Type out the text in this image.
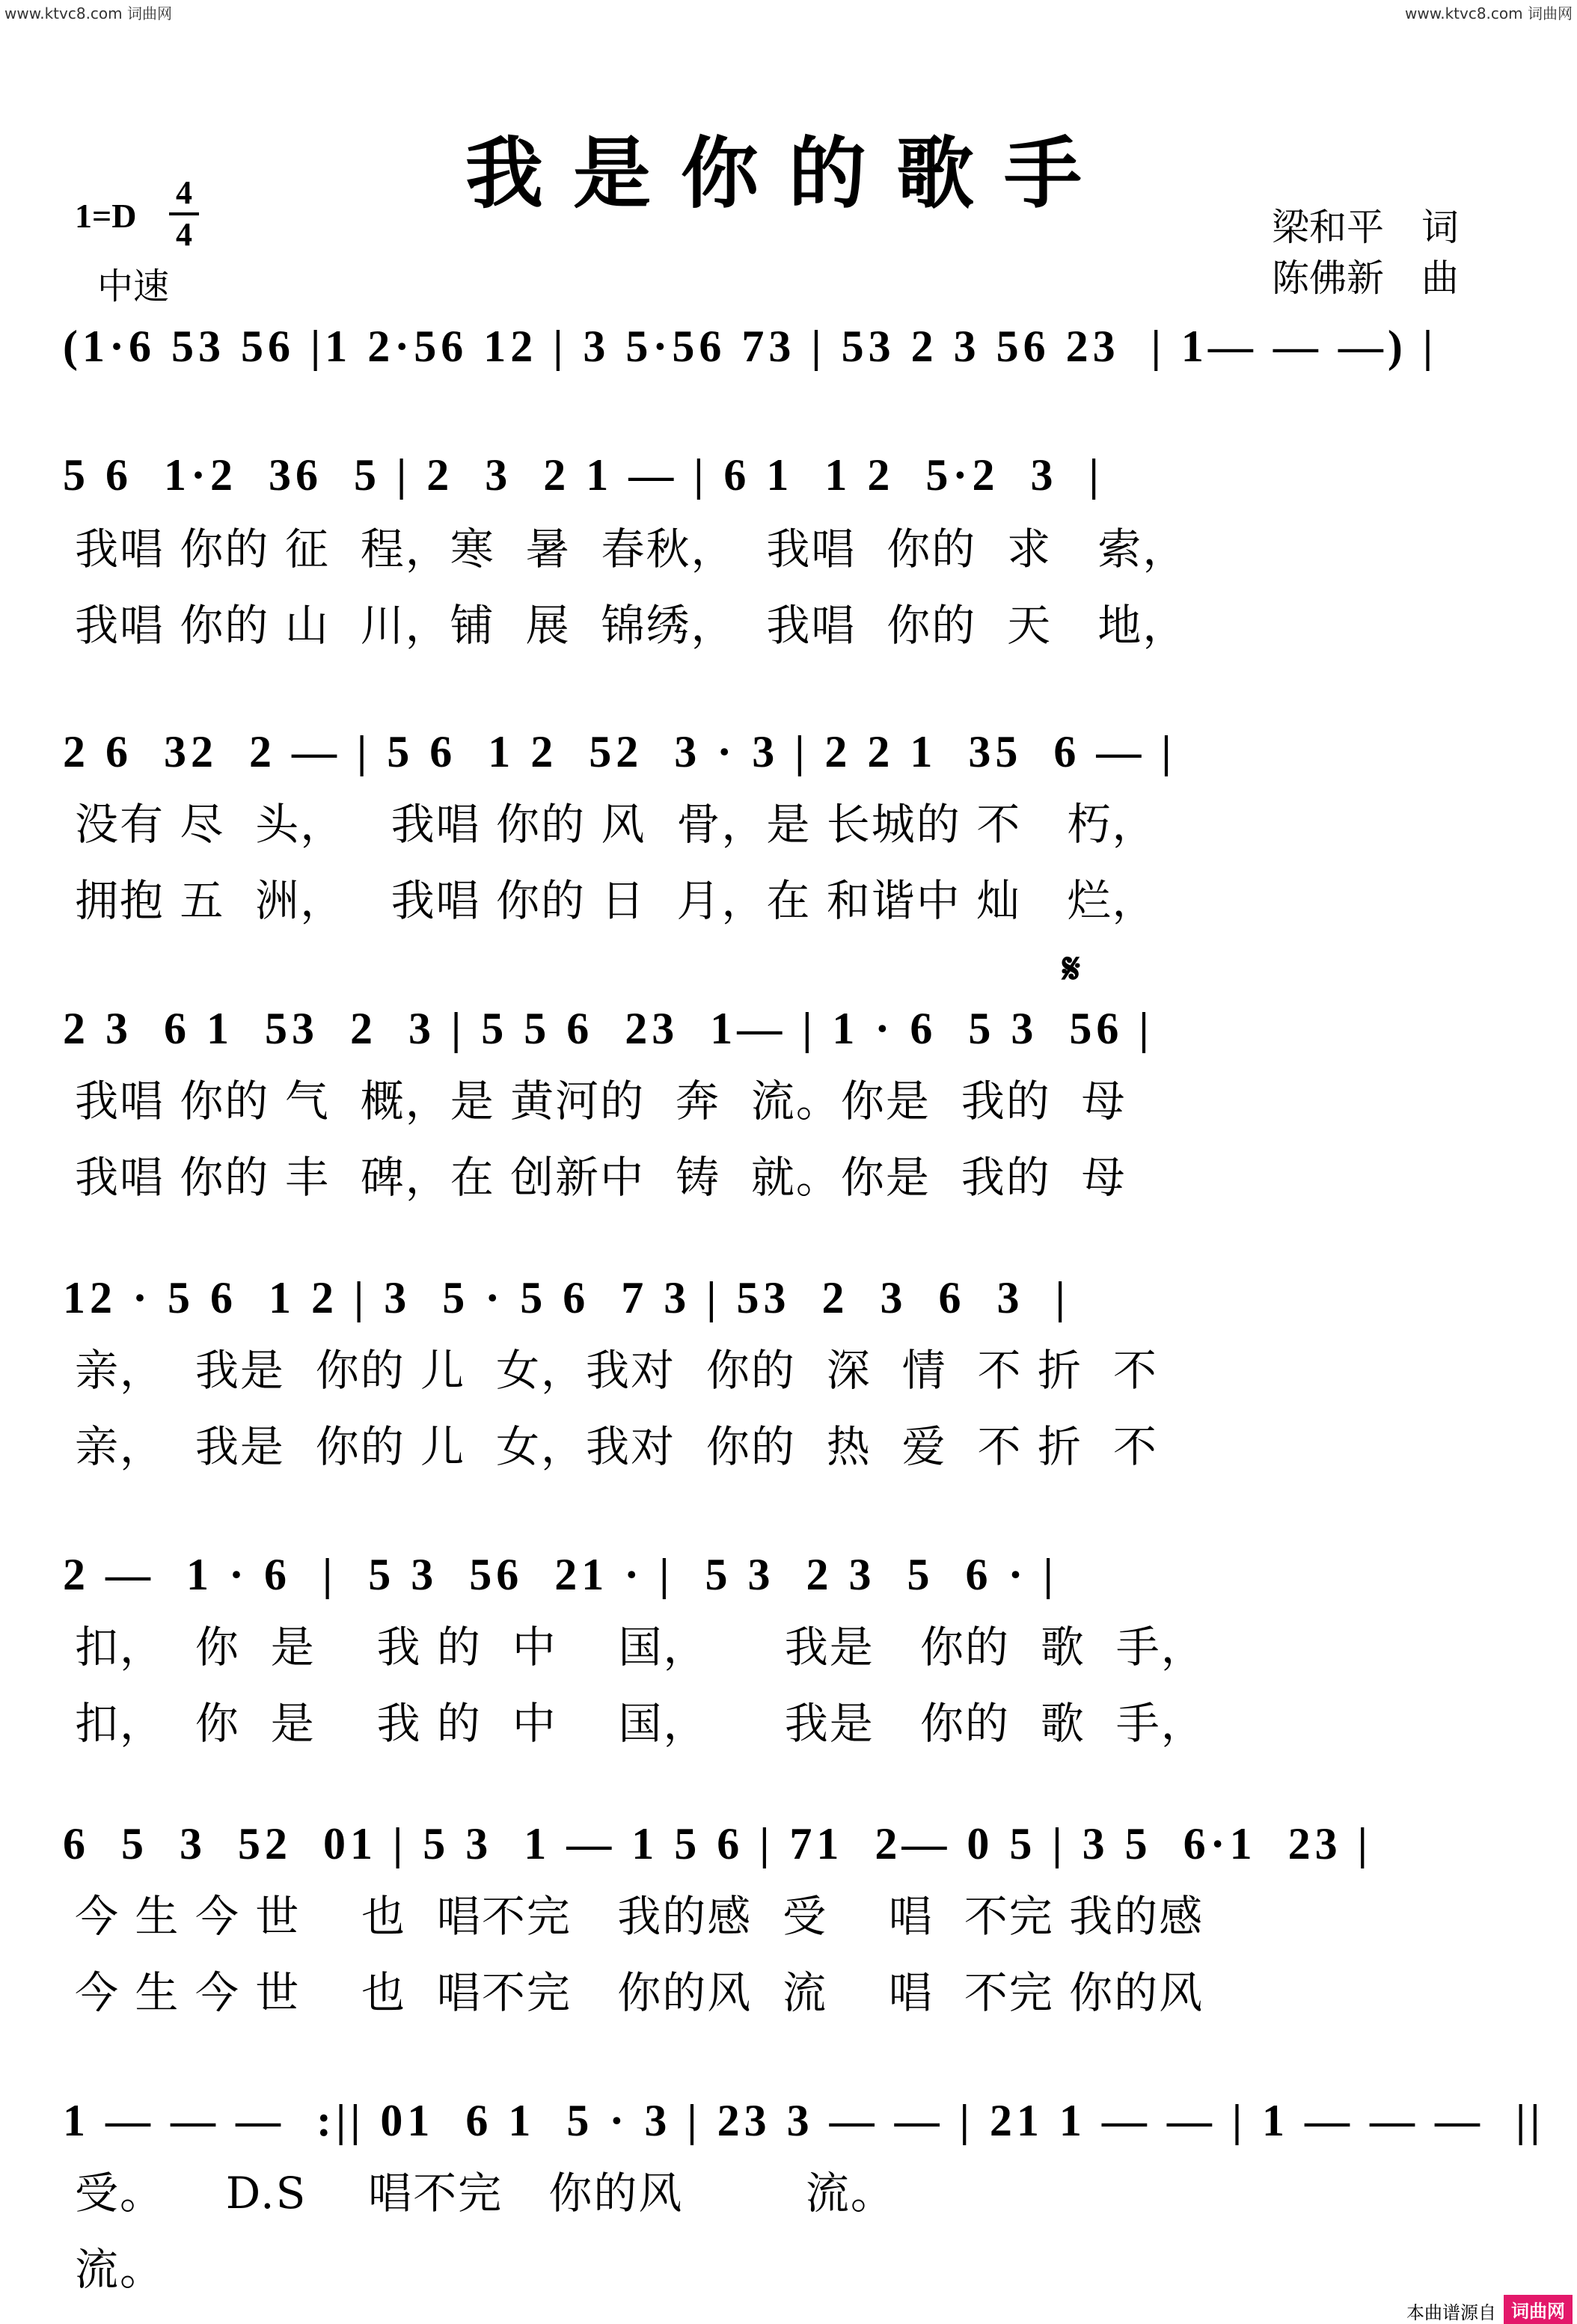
www.ktvc8.com 词曲网	www.ktvc8.com 词曲网
我是你的歌手
1=D
4
4
中速
梁和平　词
陈佛新　曲
𝄋
(1·6 53 56 |1 2·56 12 | 3 5·56 73 | 53 2 3 56 23  | 1— — —) |
5 6  1·2  36  5 | 2  3  2 1 — | 6 1  1 2  5·2  3  |
2 6  32  2 — | 5 6  1 2  52  3 · 3 | 2 2 1  35  6 — |
2 3  6 1  53  2  3 | 5 5 6  23  1— | 1 · 6  5 3  56 |
12 · 5 6  1 2 | 3  5 · 5 6  7 3 | 53  2  3  6  3  |
2 —  1 · 6  |  5 3  56  21 · |  5 3  2 3  5  6 · |
6  5  3  52  01 | 5 3  1 — 1 5 6 | 71  2— 0 5 | 3 5  6·1  23 |
1 — — —  :|| 01  6 1  5 · 3 | 23 3 — — | 21 1 — — | 1 — — —  ||
我唱 你的 征  程，寒  暑  春秋，  我唱  你的  求   索，
我唱 你的 山  川，铺  展  锦绣，  我唱  你的  天   地，
没有 尽  头，   我唱 你的 风  骨，是 长城的 不   朽，
拥抱 五  洲，   我唱 你的 日  月，在 和谐中 灿   烂，
我唱 你的 气  概，是 黄河的  奔  流。你是  我的  母
我唱 你的 丰  碑，在 创新中  铸  就。你是  我的  母
亲，  我是  你的 儿  女，我对  你的  深  情  不 折  不
亲，  我是  你的 儿  女，我对  你的  热  爱  不 折  不
扣，  你  是    我 的  中    国，     我是   你的  歌  手，
扣，  你  是    我 的  中    国，     我是   你的  歌  手，
今 生 今 世    也  唱不完   我的感  受    唱  不完 我的感
今 生 今 世    也  唱不完   你的风  流    唱  不完 你的风
受。    D.S    唱不完   你的风        流。
流。
本曲谱源自 词曲网
